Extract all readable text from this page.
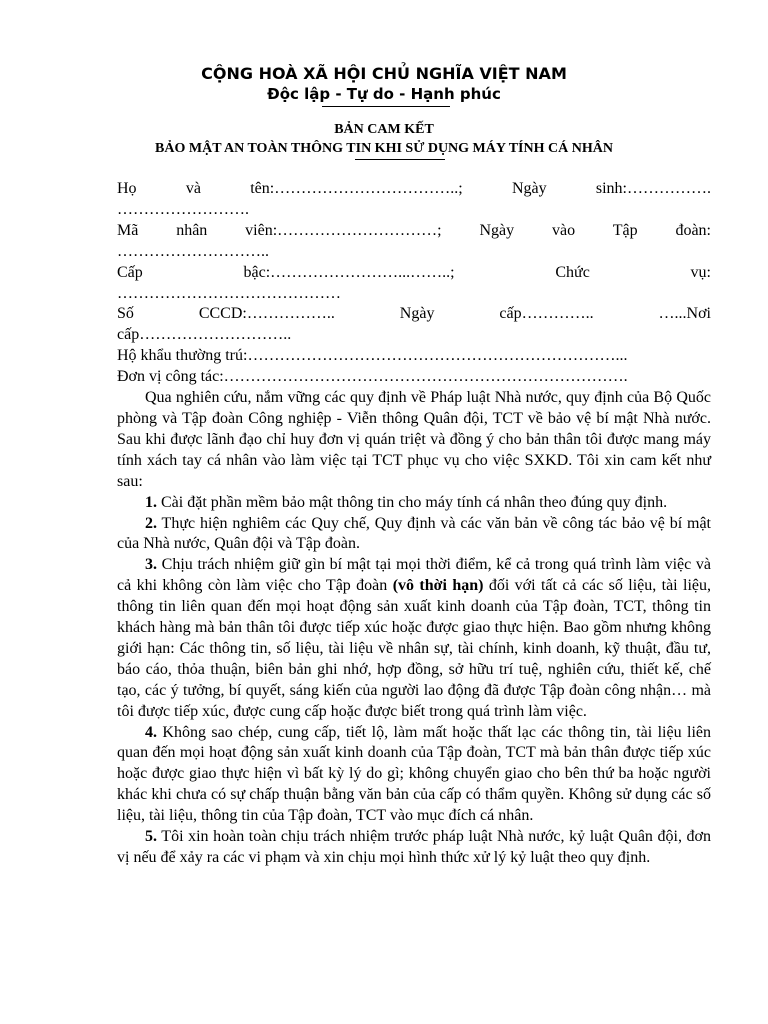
CỘNG HOÀ XÃ HỘI CHỦ NGHĨA VIỆT NAM
Độc lập - Tự do - Hạnh phúc
BẢN CAM KẾT
BẢO MẬT AN TOÀN THÔNG TIN KHI SỬ DỤNG MÁY TÍNH CÁ NHÂN

Họ và tên:……………………………..; Ngày sinh:…………….

…………………….

Mã nhân viên:…………………………; Ngày vào Tập đoàn:

………………………..

Cấp bậc:……………………...……..; Chức vụ:

……………………………………

Số CCCD:…………….. Ngày cấp………….. …...Nơi

cấp………………………..

Hộ khẩu thường trú:……………………………………………………………...

Đơn vị công tác:………………………………………………………………….

Qua nghiên cứu, nắm vững các quy định về Pháp luật Nhà nước, quy định của Bộ Quốc phòng và Tập đoàn Công nghiệp - Viễn thông Quân đội, TCT về bảo vệ bí mật Nhà nước. Sau khi được lãnh đạo chỉ huy đơn vị quán triệt và đồng ý cho bản thân tôi được mang máy tính xách tay cá nhân vào làm việc tại TCT phục vụ cho việc SXKD. Tôi xin cam kết như sau:

1. Cài đặt phần mềm bảo mật thông tin cho máy tính cá nhân theo đúng quy định.

2. Thực hiện nghiêm các Quy chế, Quy định và các văn bản về công tác bảo vệ bí mật của Nhà nước, Quân đội và Tập đoàn.

3. Chịu trách nhiệm giữ gìn bí mật tại mọi thời điểm, kể cả trong quá trình làm việc và cả khi không còn làm việc cho Tập đoàn (vô thời hạn) đối với tất cả các số liệu, tài liệu, thông tin liên quan đến mọi hoạt động sản xuất kinh doanh của Tập đoàn, TCT, thông tin khách hàng mà bản thân tôi được tiếp xúc hoặc được giao thực hiện. Bao gồm nhưng không giới hạn: Các thông tin, số liệu, tài liệu về nhân sự, tài chính, kinh doanh, kỹ thuật, đầu tư, báo cáo, thỏa thuận, biên bản ghi nhớ, hợp đồng, sở hữu trí tuệ, nghiên cứu, thiết kế, chế tạo, các ý tưởng, bí quyết, sáng kiến của người lao động đã được Tập đoàn công nhận… mà tôi được tiếp xúc, được cung cấp hoặc được biết trong quá trình làm việc.

4. Không sao chép, cung cấp, tiết lộ, làm mất hoặc thất lạc các thông tin, tài liệu liên quan đến mọi hoạt động sản xuất kinh doanh của Tập đoàn, TCT mà bản thân được tiếp xúc hoặc được giao thực hiện vì bất kỳ lý do gì; không chuyển giao cho bên thứ ba hoặc người khác khi chưa có sự chấp thuận bằng văn bản của cấp có thẩm quyền. Không sử dụng các số liệu, tài liệu, thông tin của Tập đoàn, TCT vào mục đích cá nhân.

5. Tôi xin hoàn toàn chịu trách nhiệm trước pháp luật Nhà nước, kỷ luật Quân đội, đơn vị nếu để xảy ra các vi phạm và xin chịu mọi hình thức xử lý kỷ luật theo quy định.
